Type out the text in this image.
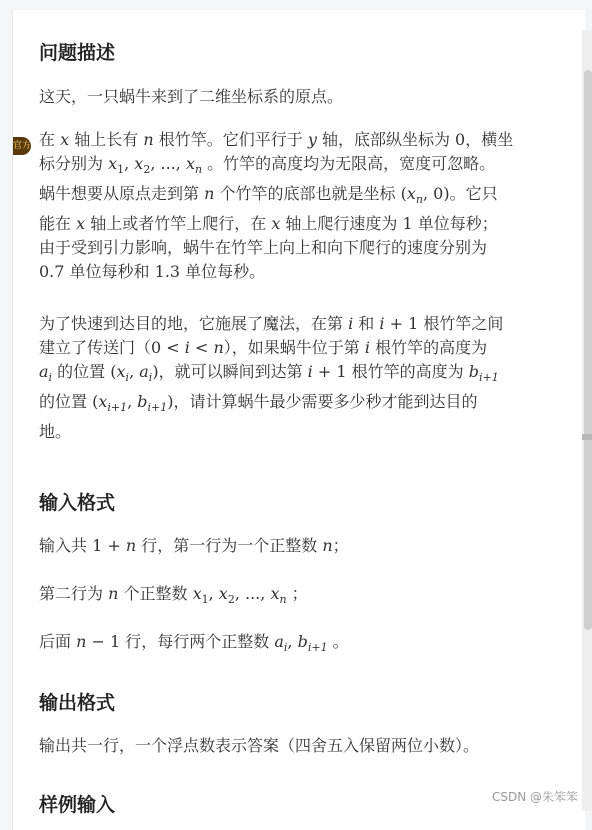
官方
问题描述

这天，一只蜗牛来到了二维坐标系的原点。

在 x 轴上长有 n 根竹竿。它们平行于 y 轴，底部纵坐标为 0，横坐
标分别为 $x_1$, $x_2$, ..., $x_n$ 。竹竿的高度均为无限高，宽度可忽略。
蜗牛想要从原点走到第 n 个竹竿的底部也就是坐标 ($x_n$, 0)。它只
能在 x 轴上或者竹竿上爬行，在 x 轴上爬行速度为 1 单位每秒；
由于受到引力影响，蜗牛在竹竿上向上和向下爬行的速度分别为
0.7 单位每秒和 1.3 单位每秒。

为了快速到达目的地，它施展了魔法，在第 i 和 i + 1 根竹竿之间
建立了传送门（0 < i < n），如果蜗牛位于第 i 根竹竿的高度为
$a_i$ 的位置 ($x_i$, $a_i$)，就可以瞬间到达第 i + 1 根竹竿的高度为 $b_{i+1}$
的位置 ($x_{i+1}$, $b_{i+1}$)，请计算蜗牛最少需要多少秒才能到达目的
地。

输入格式

输入共 1 + n 行，第一行为一个正整数 n；

第二行为 n 个正整数 $x_1$, $x_2$, ..., $x_n$ ；

后面 n − 1 行，每行两个正整数 $a_i$, $b_{i+1}$ 。

输出格式

输出共一行，一个浮点数表示答案（四舍五入保留两位小数）。

样例输入	CSDN @朱笨笨
